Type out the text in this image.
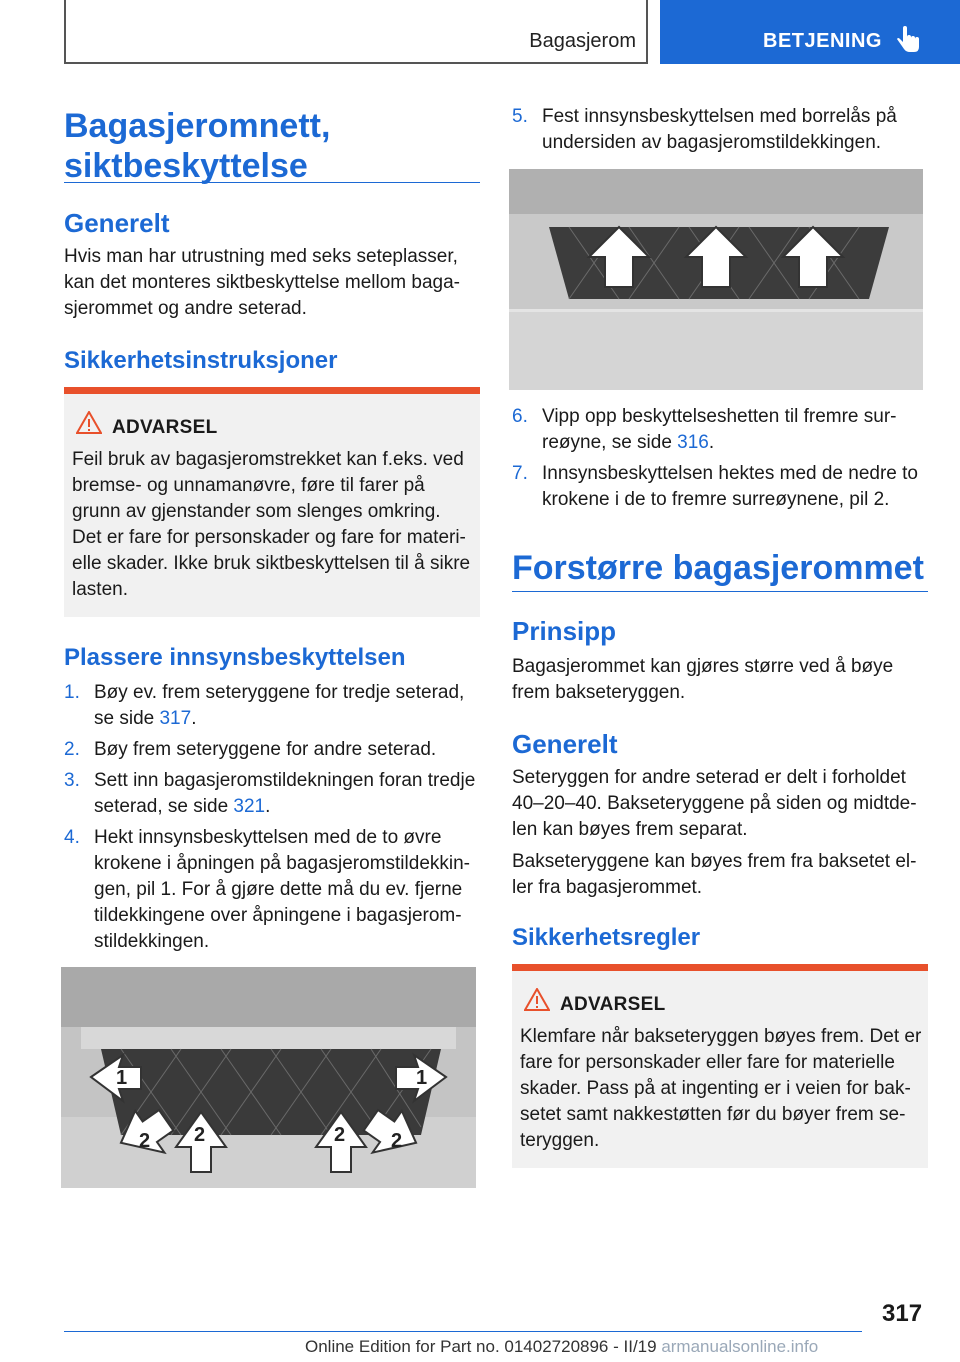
Bagasjerom	BETJENING
Bagasjeromnett,
siktbeskyttelse
Generelt
Hvis man har utrustning med seks seteplasser,
kan det monteres siktbeskyttelse mellom baga-
sjerommet og andre seterad.
Sikkerhetsinstruksjoner
ADVARSEL
Feil bruk av bagasjeromstrekket kan f.eks. ved
bremse- og unnamanøvre, føre til farer på
grunn av gjenstander som slenges omkring.
Det er fare for personskader og fare for materi-
elle skader. Ikke bruk siktbeskyttelsen til å sikre
lasten.
Plassere innsynsbeskyttelsen
1. Bøy ev. frem seteryggene for tredje seterad,
se side 317.
2. Bøy frem seteryggene for andre seterad.
3. Sett inn bagasjeromstildekningen foran tredje
seterad, se side 321.
4. Hekt innsynsbeskyttelsen med de to øvre
krokene i åpningen på bagasjeromstildekkin-
gen, pil 1. For å gjøre dette må du ev. fjerne
tildekkingene over åpningene i bagasjerom-
stildekkingen.
1	1
2 2	2 2
5. Fest innsynsbeskyttelsen med borrelås på
undersiden av bagasjeromstildekkingen.
6. Vipp opp beskyttelseshetten til fremre sur-
reøyne, se side 316.
7. Innsynsbeskyttelsen hektes med de nedre to
krokene i de to fremre surreøynene, pil 2.
Forstørre bagasjerommet
Prinsipp
Bagasjerommet kan gjøres større ved å bøye
frem bakseteryggen.
Generelt
Seteryggen for andre seterad er delt i forholdet
40–20–40. Bakseteryggene på siden og midtde-
len kan bøyes frem separat.
Bakseteryggene kan bøyes frem fra baksetet el-
ler fra bagasjerommet.
Sikkerhetsregler
ADVARSEL
Klemfare når bakseteryggen bøyes frem. Det er
fare for personskader eller fare for materielle
skader. Pass på at ingenting er i veien for bak-
setet samt nakkestøtten før du bøyer frem se-
teryggen.
317
Online Edition for Part no. 01402720896 - II/19 armanualsonline.info
